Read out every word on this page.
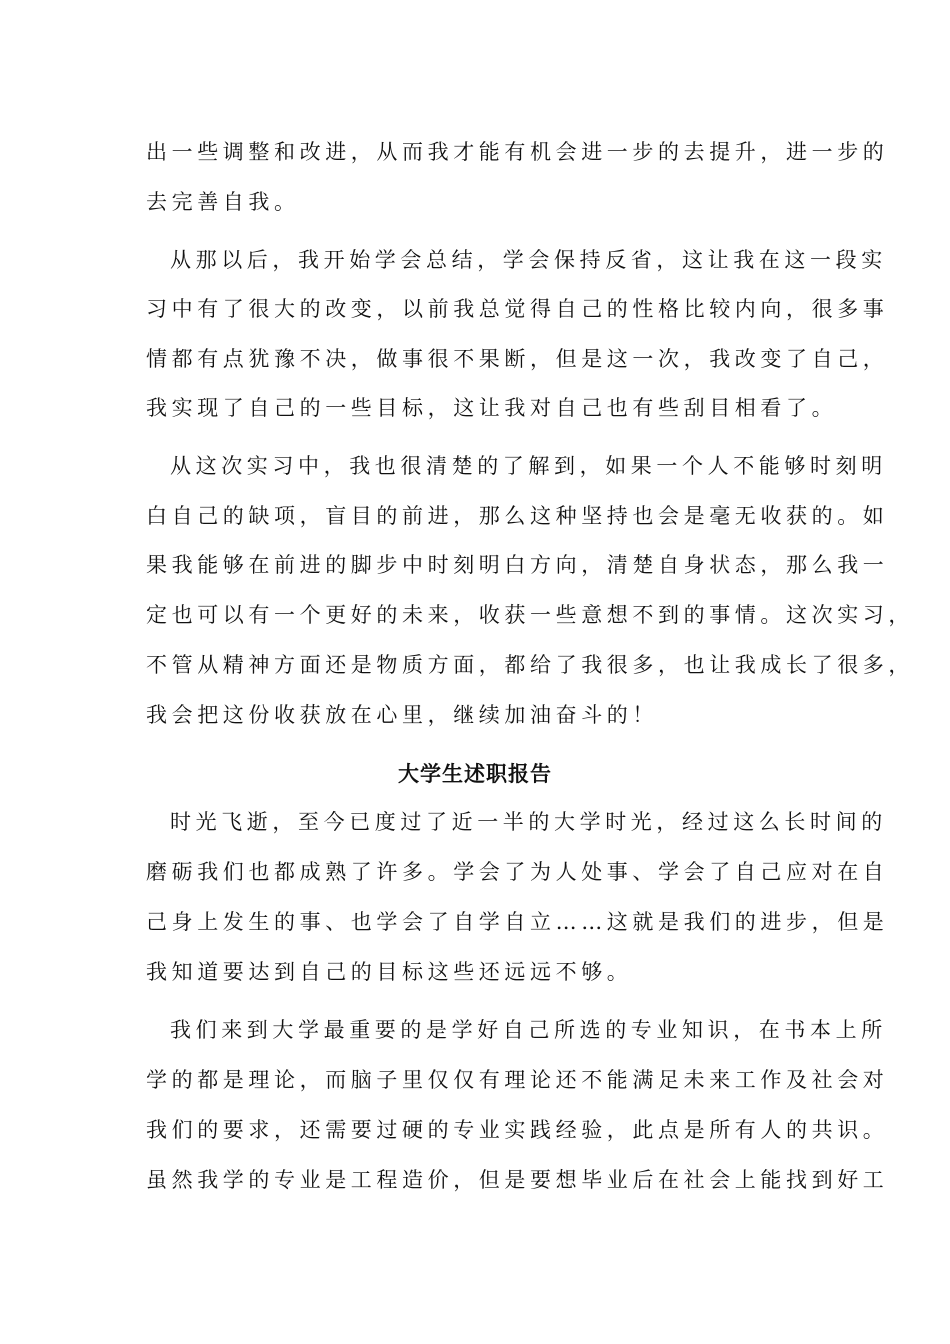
出一些调整和改进，从而我才能有机会进一步的去提升，进一步的
去完善自我。
从那以后，我开始学会总结，学会保持反省，这让我在这一段实
习中有了很大的改变，以前我总觉得自己的性格比较内向，很多事
情都有点犹豫不决，做事很不果断，但是这一次，我改变了自己，
我实现了自己的一些目标，这让我对自己也有些刮目相看了。
从这次实习中，我也很清楚的了解到，如果一个人不能够时刻明
白自己的缺项，盲目的前进，那么这种坚持也会是毫无收获的。如
果我能够在前进的脚步中时刻明白方向，清楚自身状态，那么我一
定也可以有一个更好的未来，收获一些意想不到的事情。这次实习，
不管从精神方面还是物质方面，都给了我很多，也让我成长了很多，
我会把这份收获放在心里，继续加油奋斗的！
大学生述职报告
时光飞逝，至今已度过了近一半的大学时光，经过这么长时间的
磨砺我们也都成熟了许多。学会了为人处事、学会了自己应对在自
己身上发生的事、也学会了自学自立……这就是我们的进步，但是
我知道要达到自己的目标这些还远远不够。
我们来到大学最重要的是学好自己所选的专业知识，在书本上所
学的都是理论，而脑子里仅仅有理论还不能满足未来工作及社会对
我们的要求，还需要过硬的专业实践经验，此点是所有人的共识。
虽然我学的专业是工程造价，但是要想毕业后在社会上能找到好工
